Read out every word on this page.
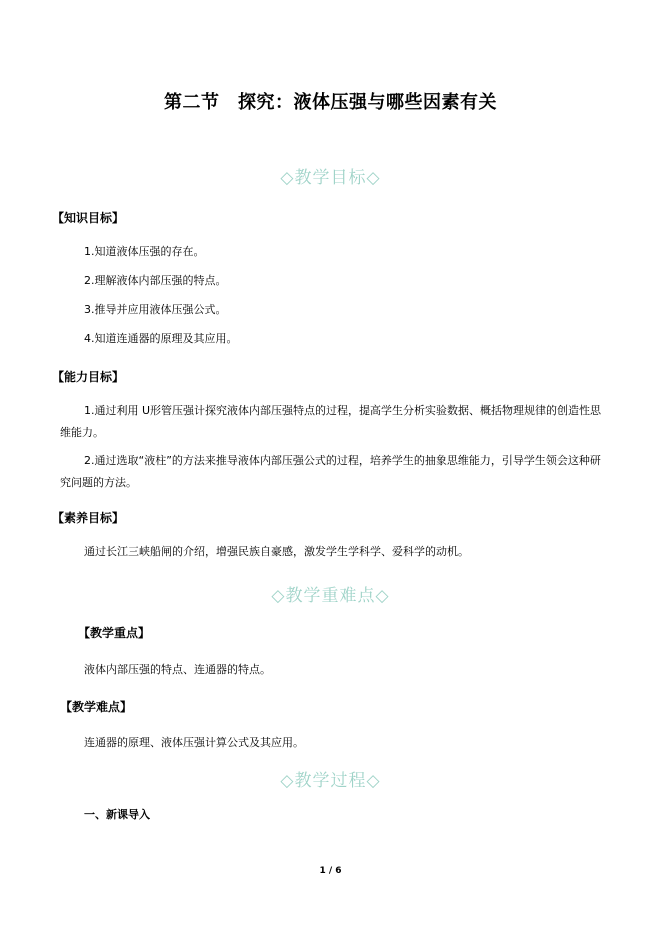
第二节　探究：液体压强与哪些因素有关
◇教学目标◇
【知识目标】
1.知道液体压强的存在。
2.理解液体内部压强的特点。
3.推导并应用液体压强公式。
4.知道连通器的原理及其应用。
【能力目标】
1.通过利用 U形管压强计探究液体内部压强特点的过程，提高学生分析实验数据、概括物理规律的创造性思维能力。
2.通过选取“液柱”的方法来推导液体内部压强公式的过程，培养学生的抽象思维能力，引导学生领会这种研究问题的方法。
【素养目标】
通过长江三峡船闸的介绍，增强民族自豪感，激发学生学科学、爱科学的动机。
◇教学重难点◇
【教学重点】
液体内部压强的特点、连通器的特点。
【教学难点】
连通器的原理、液体压强计算公式及其应用。
◇教学过程◇
一、新课导入
1 / 6
